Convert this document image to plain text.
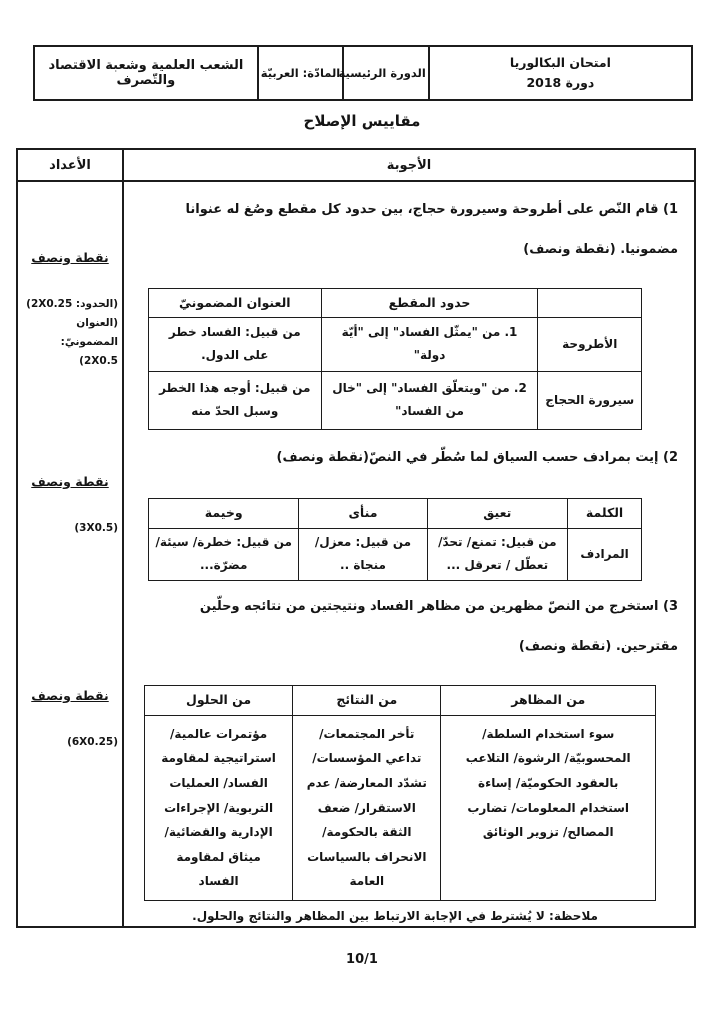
امتحان البكالوريا
دورة 2018
	الدورة الرئيسية	المادّة: العربيّة	الشعب العلمية وشعبة الاقتصاد والتّصرف
مقاييس الإصلاح
الأجوبة
الأعداد

1) قام النّص على أطروحة وسيرورة حجاج، بين حدود كل مقطع وصُغ له عنوانا مضمونيا. (نقطة ونصف)

	حدود المقطع	العنوان المضمونيّ
الأطروحة	1. من "يمثّل الفساد" إلى "أيّة دولة"	من قبيل: الفساد خطر على الدول.
سيرورة الحجاج	2. من "ويتعلّق الفساد" إلى "خال من الفساد"	من قبيل: أوجه هذا الخطر وسبل الحدّ منه

2) إيت بمرادف حسب السياق لما سُطّر في النصّ(نقطة ونصف)

الكلمة	تعيق	منأى	وخيمة
المرادف	من قبيل: تمنع/ تحدّ/ تعطّل / تعرقل ...	من قبيل: معزل/ منجاة ..	من قبيل: خطرة/ سيئة/ مضرّة...

3) استخرج من النصّ مظهرين من مظاهر الفساد ونتيجتين من نتائجه وحلّين مقترحين. (نقطة ونصف)

من المظاهر	من النتائج	من الحلول
سوء استخدام السلطة/ المحسوبيّة/ الرشوة/ التلاعب بالعقود الحكوميّة/ إساءة استخدام المعلومات/ تضارب المصالح/ تزوير الوثائق	تأخر المجتمعات/ تداعي المؤسسات/ تشدّد المعارضة/ عدم الاستقرار/ ضعف الثقة بالحكومة/ الانحراف بالسياسات العامة	مؤتمرات عالمية/ استراتيجية لمقاومة الفساد/ العمليات التربوية/ الإجراءات الإدارية والقضائية/ ميثاق لمقاومة الفساد

ملاحظة: لا يُشترط في الإجابة الارتباط بين المظاهر والنتائج والحلول.

نقطة ونصف
(الحدود: 2X0.25)
(العنوان المضمونيّ: 2X0.5)
نقطة ونصف
(3X0.5)
نقطة ونصف
(6X0.25)
10/1
